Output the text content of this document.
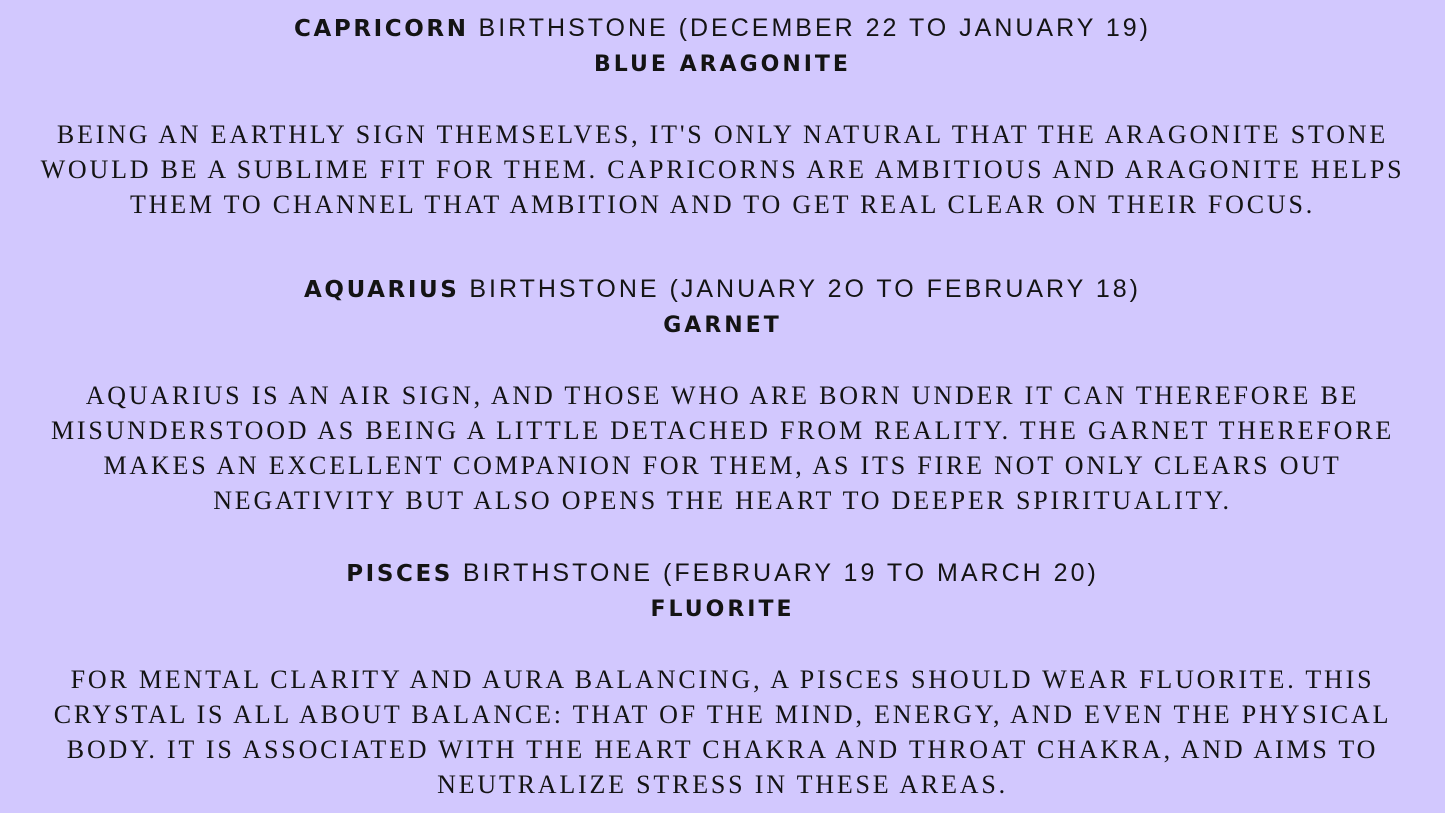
CAPRICORN BIRTHSTONE (DECEMBER 22 TO JANUARY 19)
BLUE ARAGONITE

BEING AN EARTHLY SIGN THEMSELVES, IT'S ONLY NATURAL THAT THE ARAGONITE STONE WOULD BE A SUBLIME FIT FOR THEM. CAPRICORNS ARE AMBITIOUS AND ARAGONITE HELPS THEM TO CHANNEL THAT AMBITION AND TO GET REAL CLEAR ON THEIR FOCUS.

AQUARIUS BIRTHSTONE (JANUARY 2O TO FEBRUARY 18)
GARNET

AQUARIUS IS AN AIR SIGN, AND THOSE WHO ARE BORN UNDER IT CAN THEREFORE BE MISUNDERSTOOD AS BEING A LITTLE DETACHED FROM REALITY. THE GARNET THEREFORE MAKES AN EXCELLENT COMPANION FOR THEM, AS ITS FIRE NOT ONLY CLEARS OUT NEGATIVITY BUT ALSO OPENS THE HEART TO DEEPER SPIRITUALITY.

PISCES BIRTHSTONE (FEBRUARY 19 TO MARCH 20)
FLUORITE

FOR MENTAL CLARITY AND AURA BALANCING, A PISCES SHOULD WEAR FLUORITE. THIS CRYSTAL IS ALL ABOUT BALANCE: THAT OF THE MIND, ENERGY, AND EVEN THE PHYSICAL BODY. IT IS ASSOCIATED WITH THE HEART CHAKRA AND THROAT CHAKRA, AND AIMS TO NEUTRALIZE STRESS IN THESE AREAS.
